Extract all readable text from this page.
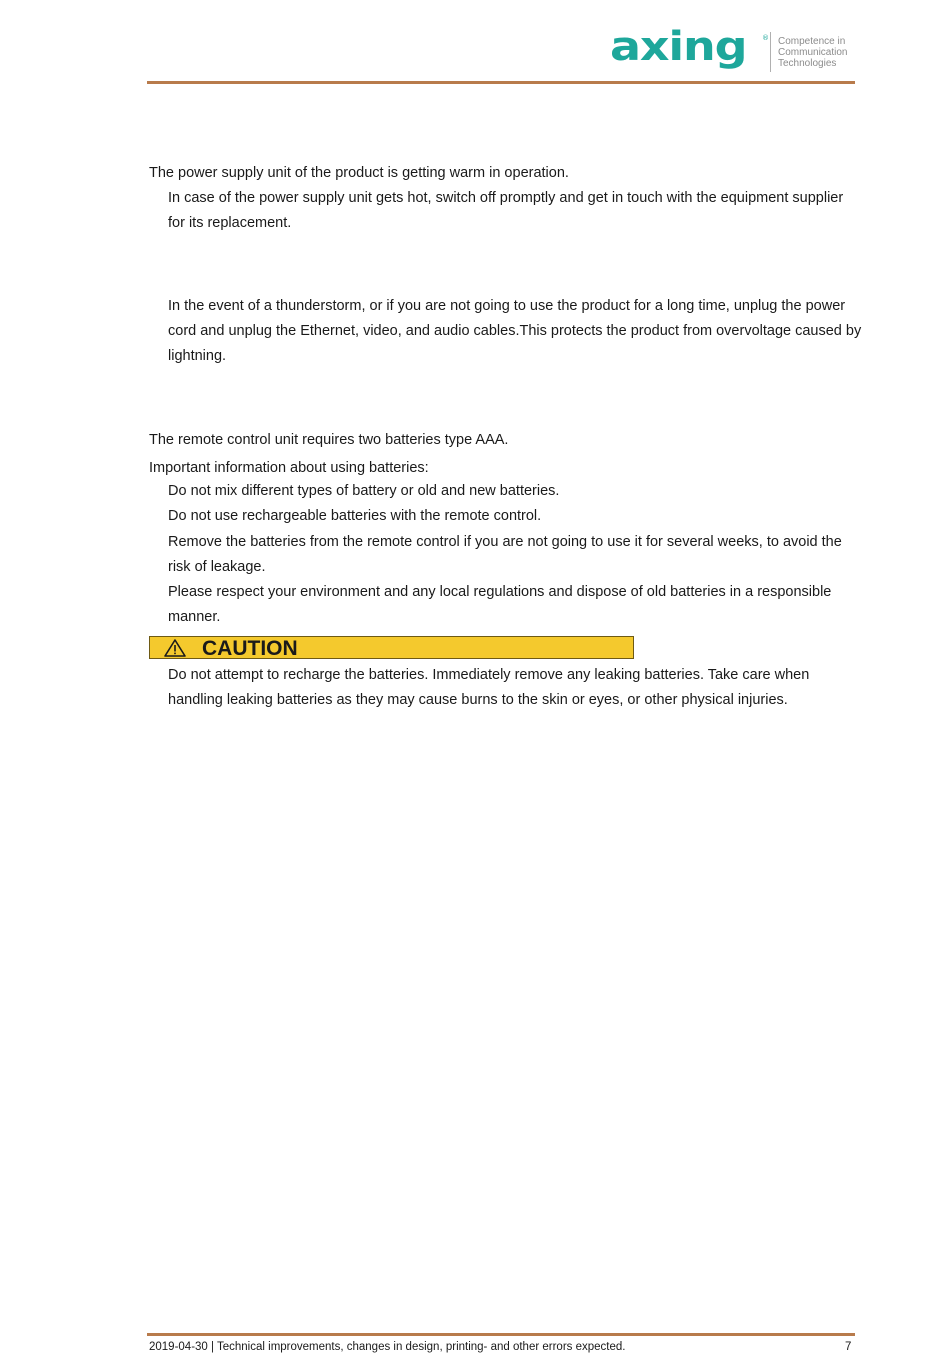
axing ® Competence in
Communication
Technologies
The power supply unit of the product is getting warm in operation.
In case of the power supply unit gets hot, switch off promptly and get in touch with the equipment supplier
for its replacement.
In the event of a thunderstorm, or if you are not going to use the product for a long time, unplug the power
cord and unplug the Ethernet, video, and audio cables.This protects the product from overvoltage caused by
lightning.
The remote control unit requires two batteries type AAA.
Important information about using batteries:
Do not mix different types of battery or old and new batteries.
Do not use rechargeable batteries with the remote control.
Remove the batteries from the remote control if you are not going to use it for several weeks, to avoid the
risk of leakage.
Please respect your environment and any local regulations and dispose of old batteries in a responsible
manner.
CAUTION
Do not attempt to recharge the batteries. Immediately remove any leaking batteries. Take care when
handling leaking batteries as they may cause burns to the skin or eyes, or other physical injuries.
2019-04-30 | Technical improvements, changes in design, printing- and other errors expected.	7
